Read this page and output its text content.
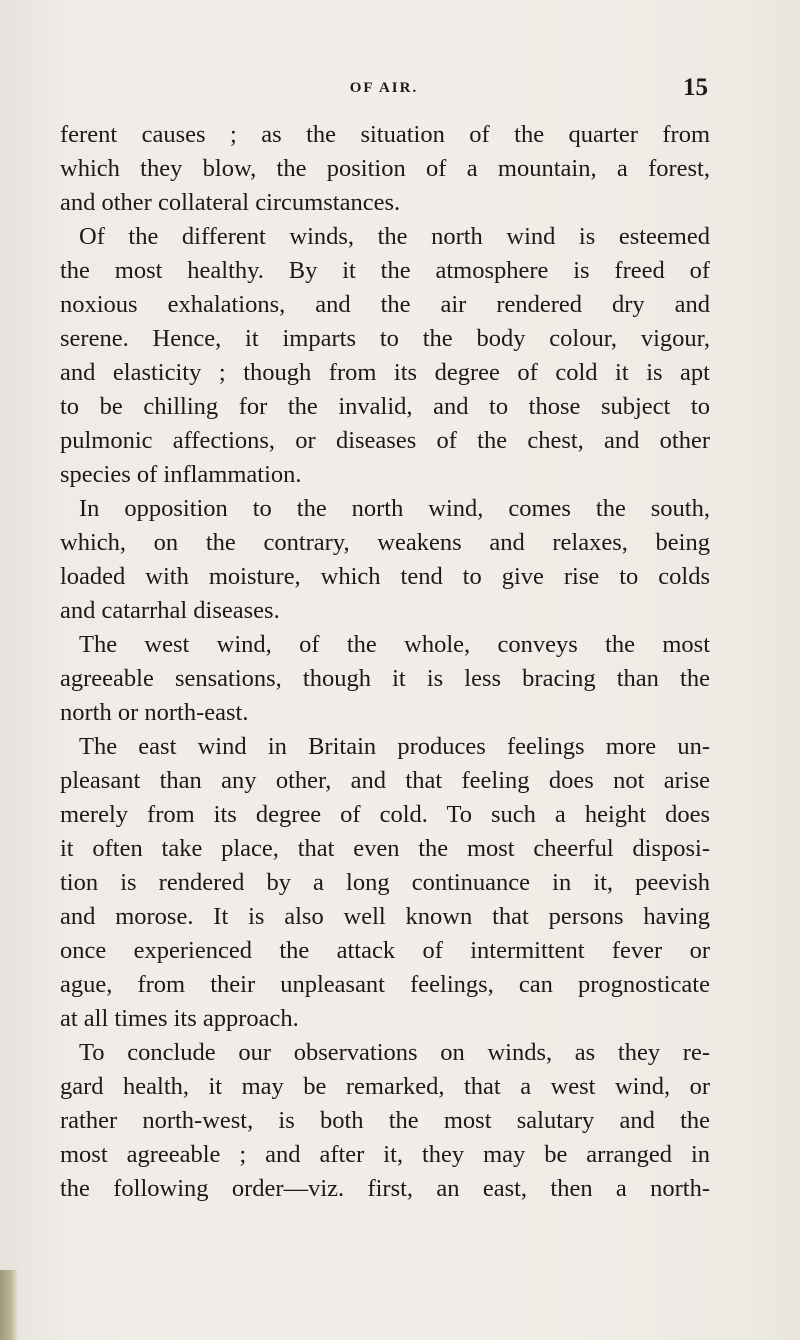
OF AIR.	15
ferent causes ; as the situation of the quarter from
which they blow, the position of a mountain, a forest,
and other collateral circumstances.
Of the different winds, the north wind is esteemed
the most healthy. By it the atmosphere is freed of
noxious exhalations, and the air rendered dry and
serene. Hence, it imparts to the body colour, vigour,
and elasticity ; though from its degree of cold it is apt
to be chilling for the invalid, and to those subject to
pulmonic affections, or diseases of the chest, and other
species of inflammation.
In opposition to the north wind, comes the south,
which, on the contrary, weakens and relaxes, being
loaded with moisture, which tend to give rise to colds
and catarrhal diseases.
The west wind, of the whole, conveys the most
agreeable sensations, though it is less bracing than the
north or north-east.
The east wind in Britain produces feelings more un-
pleasant than any other, and that feeling does not arise
merely from its degree of cold. To such a height does
it often take place, that even the most cheerful disposi-
tion is rendered by a long continuance in it, peevish
and morose. It is also well known that persons having
once experienced the attack of intermittent fever or
ague, from their unpleasant feelings, can prognosticate
at all times its approach.
To conclude our observations on winds, as they re-
gard health, it may be remarked, that a west wind, or
rather north-west, is both the most salutary and the
most agreeable ; and after it, they may be arranged in
the following order—viz. first, an east, then a north-
